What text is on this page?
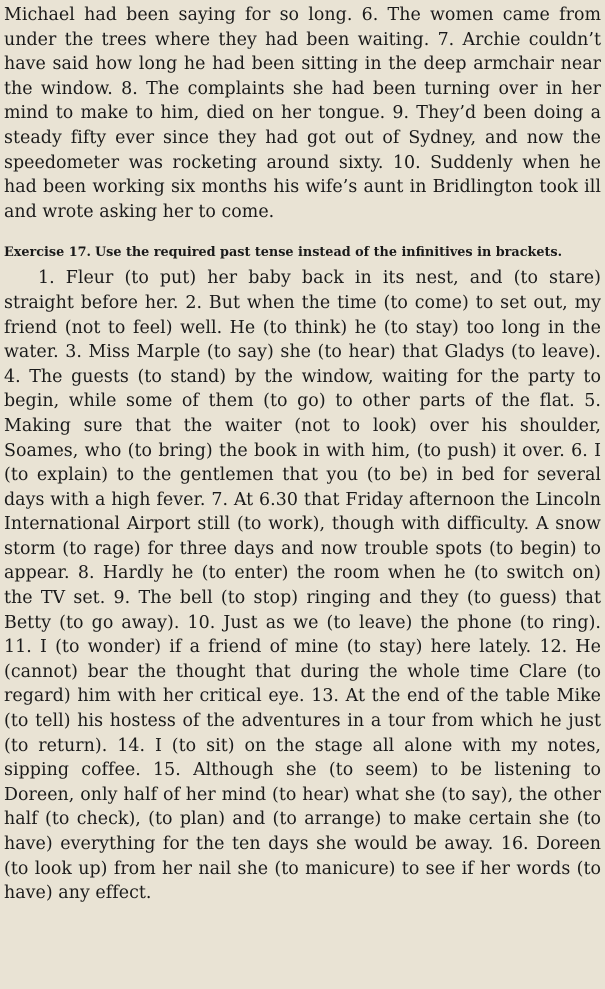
Michael had been saying for so long. 6. The women came from under the trees where they had been waiting. 7. Archie couldn’t have said how long he had been sitting in the deep armchair near the window. 8. The complaints she had been turning over in her mind to make to him, died on her tongue. 9. They’d been doing a steady fifty ever since they had got out of Sydney, and now the speedometer was rocketing around sixty. 10. Suddenly when he had been working six months his wife’s aunt in Bridlington took ill and wrote asking her to come.

Exercise 17. Use the required past tense instead of the infinitives in brackets.

1. Fleur (to put) her baby back in its nest, and (to stare) straight before her. 2. But when the time (to come) to set out, my friend (not to feel) well. He (to think) he (to stay) too long in the water. 3. Miss Marple (to say) she (to hear) that Gladys (to leave). 4. The guests (to stand) by the window, waiting for the party to begin, while some of them (to go) to other parts of the flat. 5. Making sure that the waiter (not to look) over his shoulder, Soames, who (to bring) the book in with him, (to push) it over. 6. I (to explain) to the gentlemen that you (to be) in bed for several days with a high fever. 7. At 6.30 that Friday afternoon the Lincoln International Airport still (to work), though with difficulty. A snow storm (to rage) for three days and now trouble spots (to begin) to appear. 8. Hardly he (to enter) the room when he (to switch on) the TV set. 9. The bell (to stop) ringing and they (to guess) that Betty (to go away). 10. Just as we (to leave) the phone (to ring). 11. I (to wonder) if a friend of mine (to stay) here lately. 12. He (cannot) bear the thought that during the whole time Clare (to regard) him with her critical eye. 13. At the end of the table Mike (to tell) his hostess of the adventures in a tour from which he just (to return). 14. I (to sit) on the stage all alone with my notes, sipping coffee. 15. Although she (to seem) to be listening to Doreen, only half of her mind (to hear) what she (to say), the other half (to check), (to plan) and (to arrange) to make certain she (to have) everything for the ten days she would be away. 16. Doreen (to look up) from her nail she (to manicure) to see if her words (to have) any effect.
